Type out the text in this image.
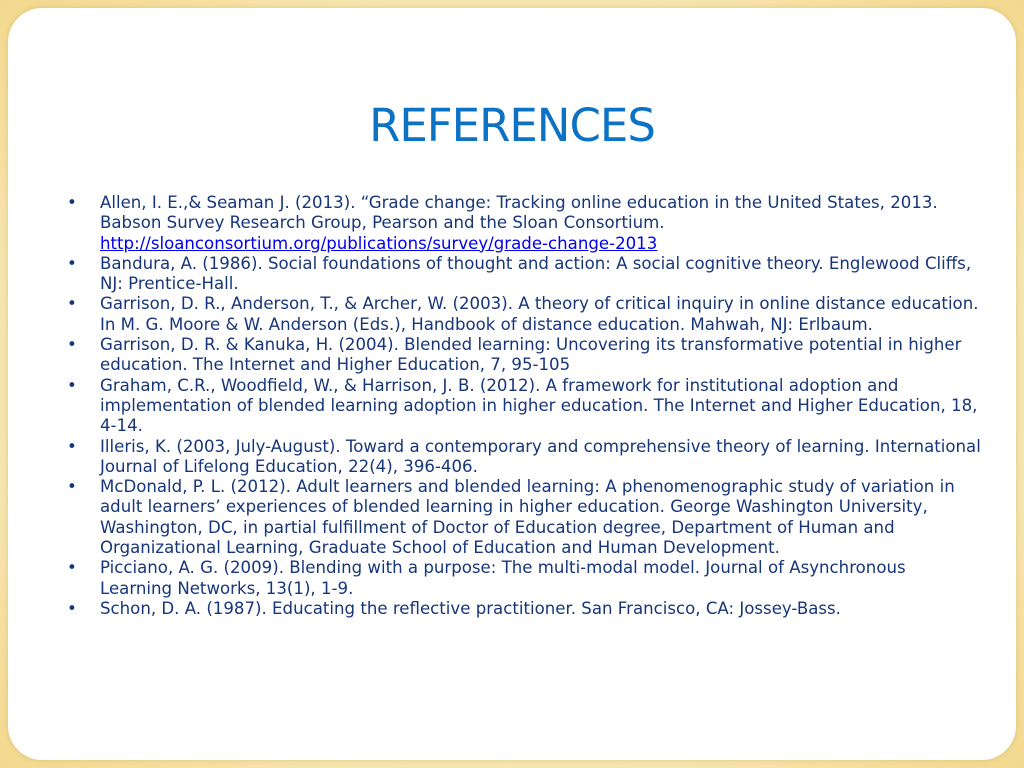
REFERENCES
• Allen, I. E.,& Seaman J. (2013). “Grade change: Tracking online education in the United States, 2013. Babson Survey Research Group, Pearson and the Sloan Consortium. http://sloanconsortium.org/publications/survey/grade-change-2013
• Bandura, A. (1986). Social foundations of thought and action: A social cognitive theory. Englewood Cliffs, NJ: Prentice-Hall.
• Garrison, D. R., Anderson, T., & Archer, W. (2003). A theory of critical inquiry in online distance education. In M. G. Moore & W. Anderson (Eds.), Handbook of distance education. Mahwah, NJ: Erlbaum.
• Garrison, D. R. & Kanuka, H. (2004). Blended learning: Uncovering its transformative potential in higher education. The Internet and Higher Education, 7, 95-105
• Graham, C.R., Woodfield, W., & Harrison, J. B. (2012). A framework for institutional adoption and implementation of blended learning adoption in higher education. The Internet and Higher Education, 18, 4-14.
• Illeris, K. (2003, July-August). Toward a contemporary and comprehensive theory of learning. International Journal of Lifelong Education, 22(4), 396-406.
• McDonald, P. L. (2012). Adult learners and blended learning: A phenomenographic study of variation in adult learners’ experiences of blended learning in higher education. George Washington University, Washington, DC, in partial fulfillment of Doctor of Education degree, Department of Human and Organizational Learning, Graduate School of Education and Human Development.
• Picciano, A. G. (2009). Blending with a purpose: The multi-modal model. Journal of Asynchronous Learning Networks, 13(1), 1-9.
• Schon, D. A. (1987). Educating the reflective practitioner. San Francisco, CA: Jossey-Bass.
